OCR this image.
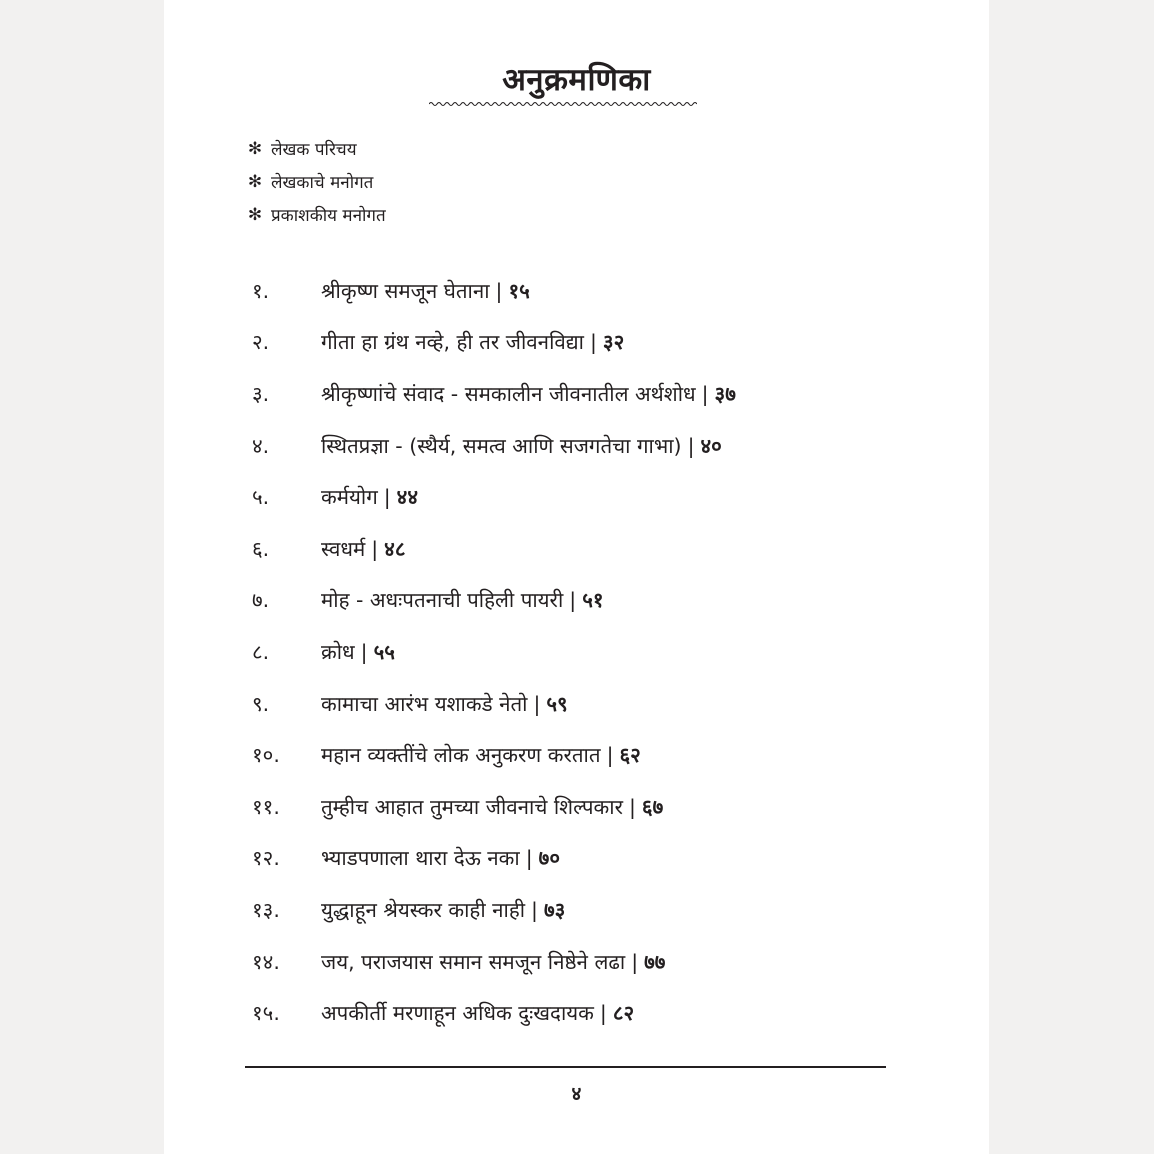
अनुक्रमणिका
✻ लेखक परिचय
✻ लेखकाचे मनोगत
✻ प्रकाशकीय मनोगत
१.	श्रीकृष्ण समजून घेताना | १५
२.	गीता हा ग्रंथ नव्हे, ही तर जीवनविद्या | ३२
३.	श्रीकृष्णांचे संवाद - समकालीन जीवनातील अर्थशोध | ३७
४.	स्थितप्रज्ञा - (स्थैर्य, समत्व आणि सजगतेचा गाभा) | ४०
५.	कर्मयोग | ४४
६.	स्वधर्म | ४८
७.	मोह - अधःपतनाची पहिली पायरी | ५१
८.	क्रोध | ५५
९.	कामाचा आरंभ यशाकडे नेतो | ५९
१०.	महान व्यक्तींचे लोक अनुकरण करतात | ६२
११.	तुम्हीच आहात तुमच्या जीवनाचे शिल्पकार | ६७
१२.	भ्याडपणाला थारा देऊ नका | ७०
१३.	युद्धाहून श्रेयस्कर काही नाही | ७३
१४.	जय, पराजयास समान समजून निष्ठेने लढा | ७७
१५.	अपकीर्ती मरणाहून अधिक दुःखदायक | ८२
४
